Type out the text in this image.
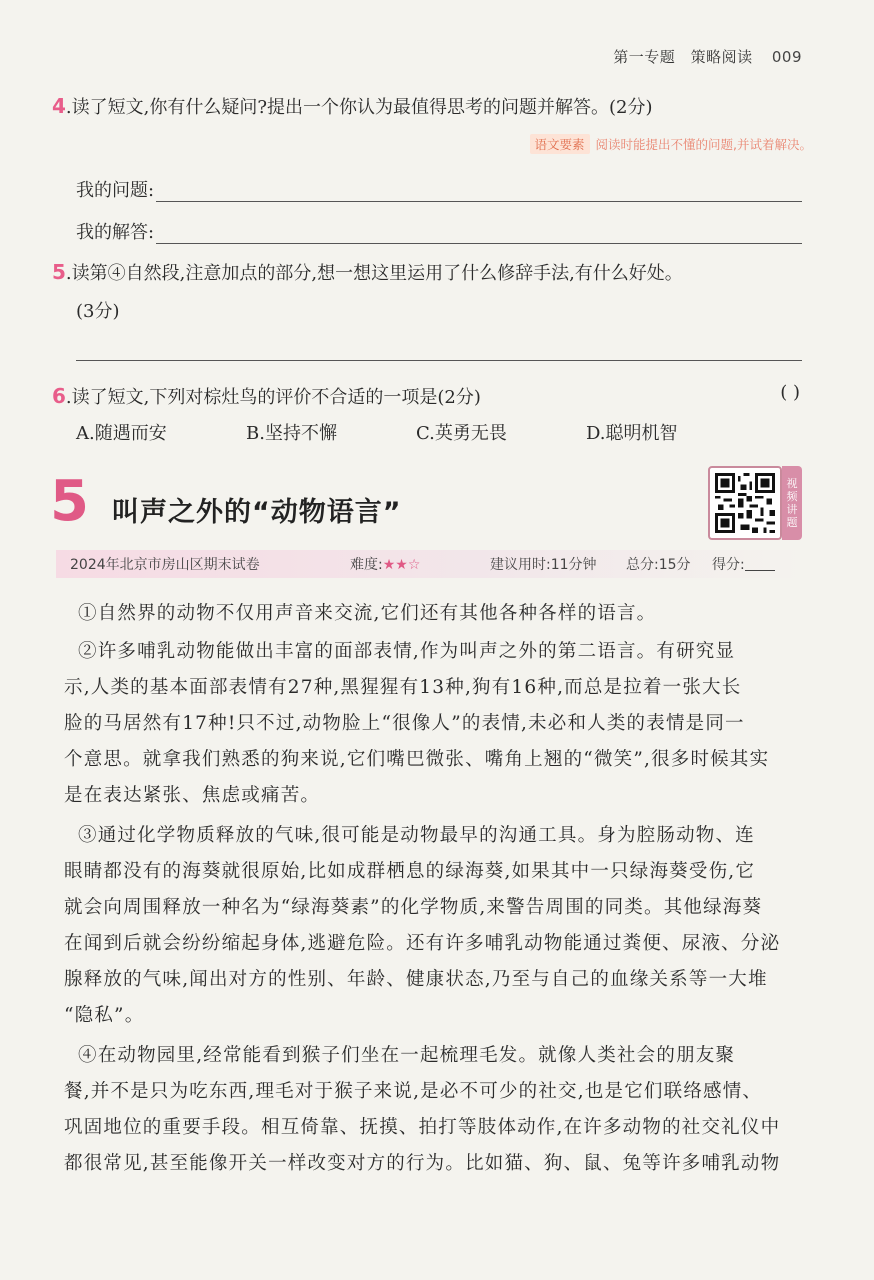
第一专题 策略阅读 009
4.读了短文,你有什么疑问?提出一个你认为最值得思考的问题并解答。(2分)
语文要素 阅读时能提出不懂的问题,并试着解决。
我的问题:
我的解答:
5.读第④自然段,注意加点的部分,想一想这里运用了什么修辞手法,有什么好处。
(3分)
6.读了短文,下列对棕灶鸟的评价不合适的一项是(2分)	( )
A.随遇而安	B.坚持不懈	C.英勇无畏	D.聪明机智
5 叫声之外的“动物语言”
视
频
讲
题
2024年北京市房山区期末试卷	难度:★★☆	建议用时:11分钟	总分:15分	得分:
①自然界的动物不仅用声音来交流,它们还有其他各种各样的语言。
②许多哺乳动物能做出丰富的面部表情,作为叫声之外的第二语言。有研究显
示,人类的基本面部表情有27种,黑猩猩有13种,狗有16种,而总是拉着一张大长
脸的马居然有17种!只不过,动物脸上“很像人”的表情,未必和人类的表情是同一
个意思。就拿我们熟悉的狗来说,它们嘴巴微张、嘴角上翘的“微笑”,很多时候其实
是在表达紧张、焦虑或痛苦。
③通过化学物质释放的气味,很可能是动物最早的沟通工具。身为腔肠动物、连
眼睛都没有的海葵就很原始,比如成群栖息的绿海葵,如果其中一只绿海葵受伤,它
就会向周围释放一种名为“绿海葵素”的化学物质,来警告周围的同类。其他绿海葵
在闻到后就会纷纷缩起身体,逃避危险。还有许多哺乳动物能通过粪便、尿液、分泌
腺释放的气味,闻出对方的性别、年龄、健康状态,乃至与自己的血缘关系等一大堆
“隐私”。
④在动物园里,经常能看到猴子们坐在一起梳理毛发。就像人类社会的朋友聚
餐,并不是只为吃东西,理毛对于猴子来说,是必不可少的社交,也是它们联络感情、
巩固地位的重要手段。相互倚靠、抚摸、拍打等肢体动作,在许多动物的社交礼仪中
都很常见,甚至能像开关一样改变对方的行为。比如猫、狗、鼠、兔等许多哺乳动物
